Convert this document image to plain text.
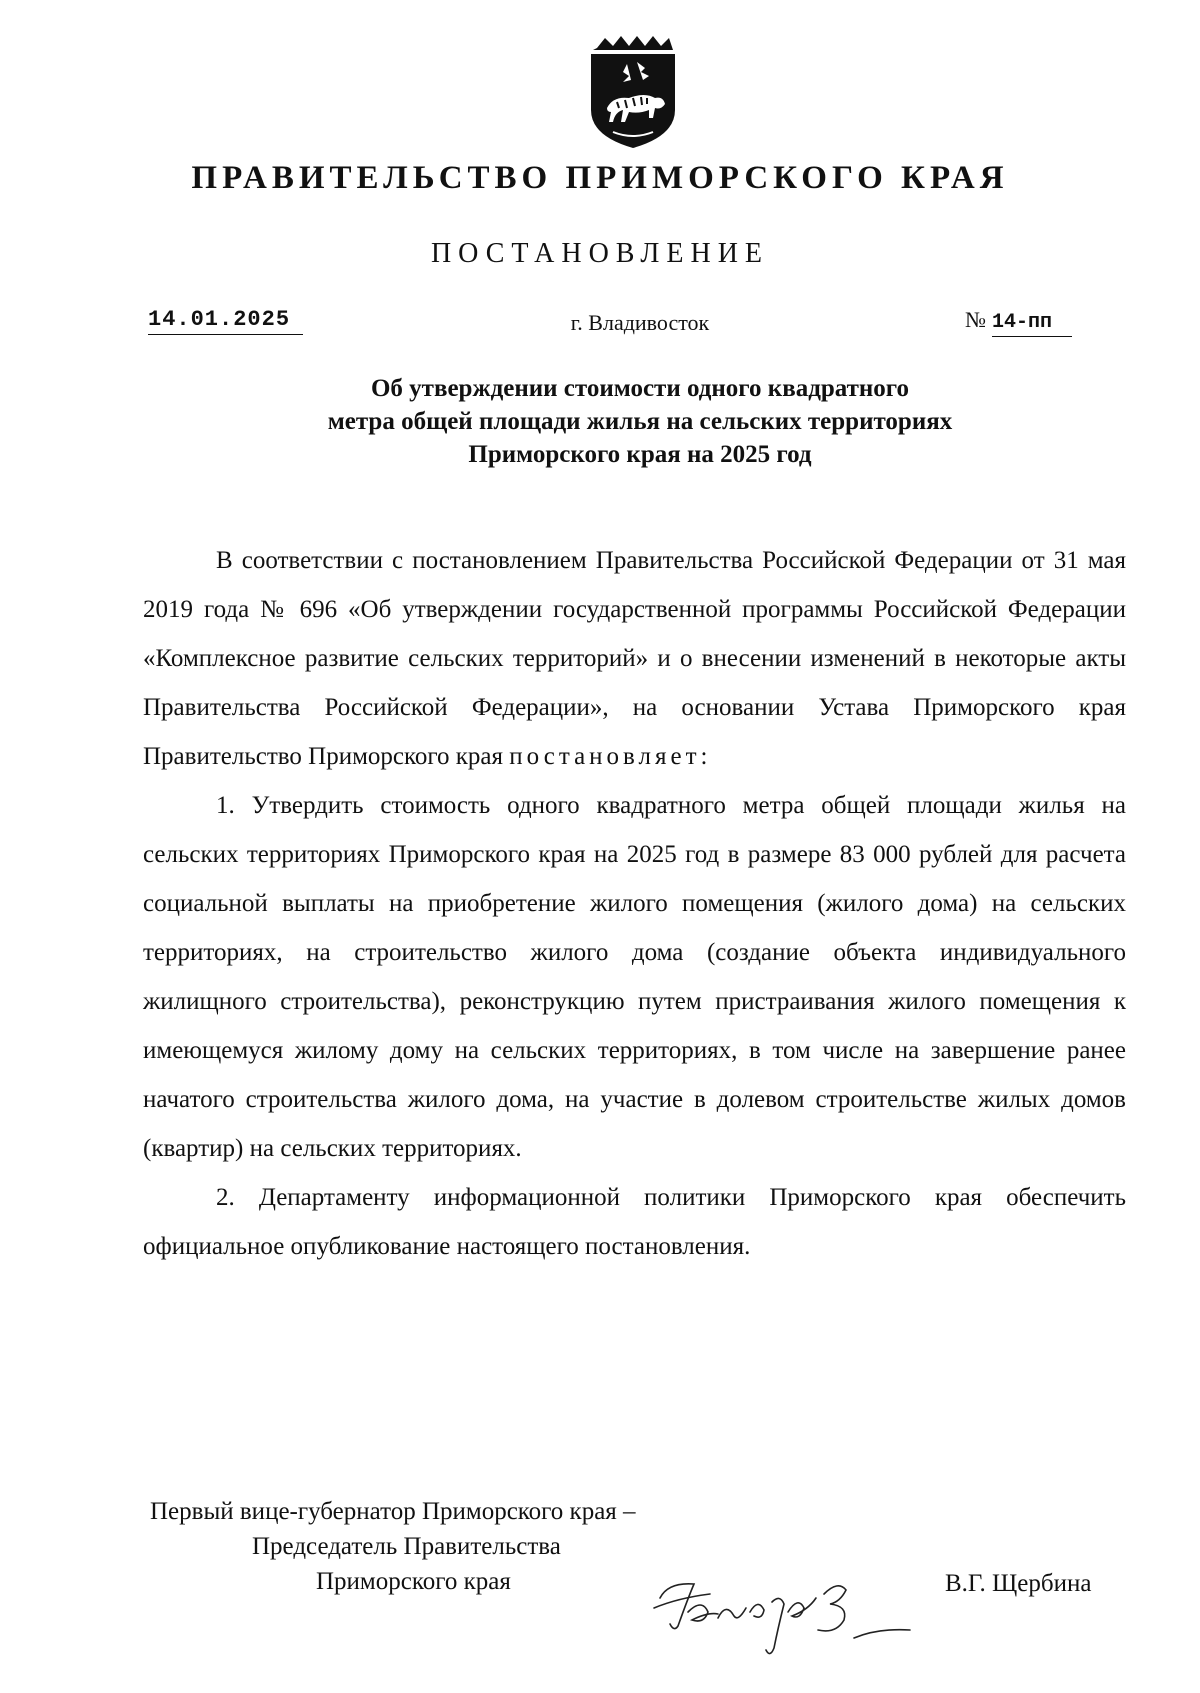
ПРАВИТЕЛЬСТВО ПРИМОРСКОГО КРАЯ
ПОСТАНОВЛЕНИЕ
14.01.2025	г. Владивосток	№ 14-пп
Об утверждении стоимости одного квадратного
метра общей площади жилья на сельских территориях
Приморского края на 2025 год

В соответствии с постановлением Правительства Российской Федерации от 31 мая 2019 года № 696 «Об утверждении государственной программы Российской Федерации «Комплексное развитие сельских территорий» и о внесении изменений в некоторые акты Правительства Российской Федерации», на основании Устава Приморского края Правительство Приморского края постановляет:

1. Утвердить стоимость одного квадратного метра общей площади жилья на сельских территориях Приморского края на 2025 год в размере 83 000 рублей для расчета социальной выплаты на приобретение жилого помещения (жилого дома) на сельских территориях, на строительство жилого дома (создание объекта индивидуального жилищного строительства), реконструкцию путем пристраивания жилого помещения к имеющемуся жилому дому на сельских территориях, в том числе на завершение ранее начатого строительства жилого дома, на участие в долевом строительстве жилых домов (квартир) на сельских территориях.

2. Департаменту информационной политики Приморского края обеспечить официальное опубликование настоящего постановления.

Первый вице-губернатор Приморского края –
Председатель Правительства
Приморского края	В.Г. Щербина
